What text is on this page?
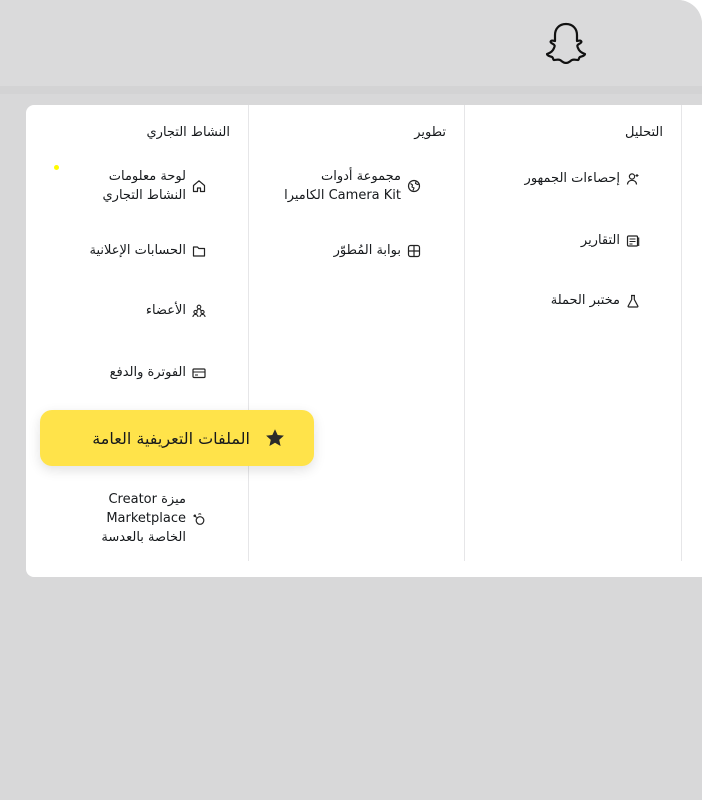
التحليل
إحصاءات الجمهور
التقارير
مختبر الحملة
تطوير
مجموعة أدوات
Camera Kit الكاميرا
بوابة المُطوّر
النشاط التجاري
لوحة معلومات
النشاط التجاري
الحسابات الإعلانية
الأعضاء
الفوترة والدفع
ميزة Creator
Marketplace
الخاصة بالعدسة
الملفات التعريفية العامة
